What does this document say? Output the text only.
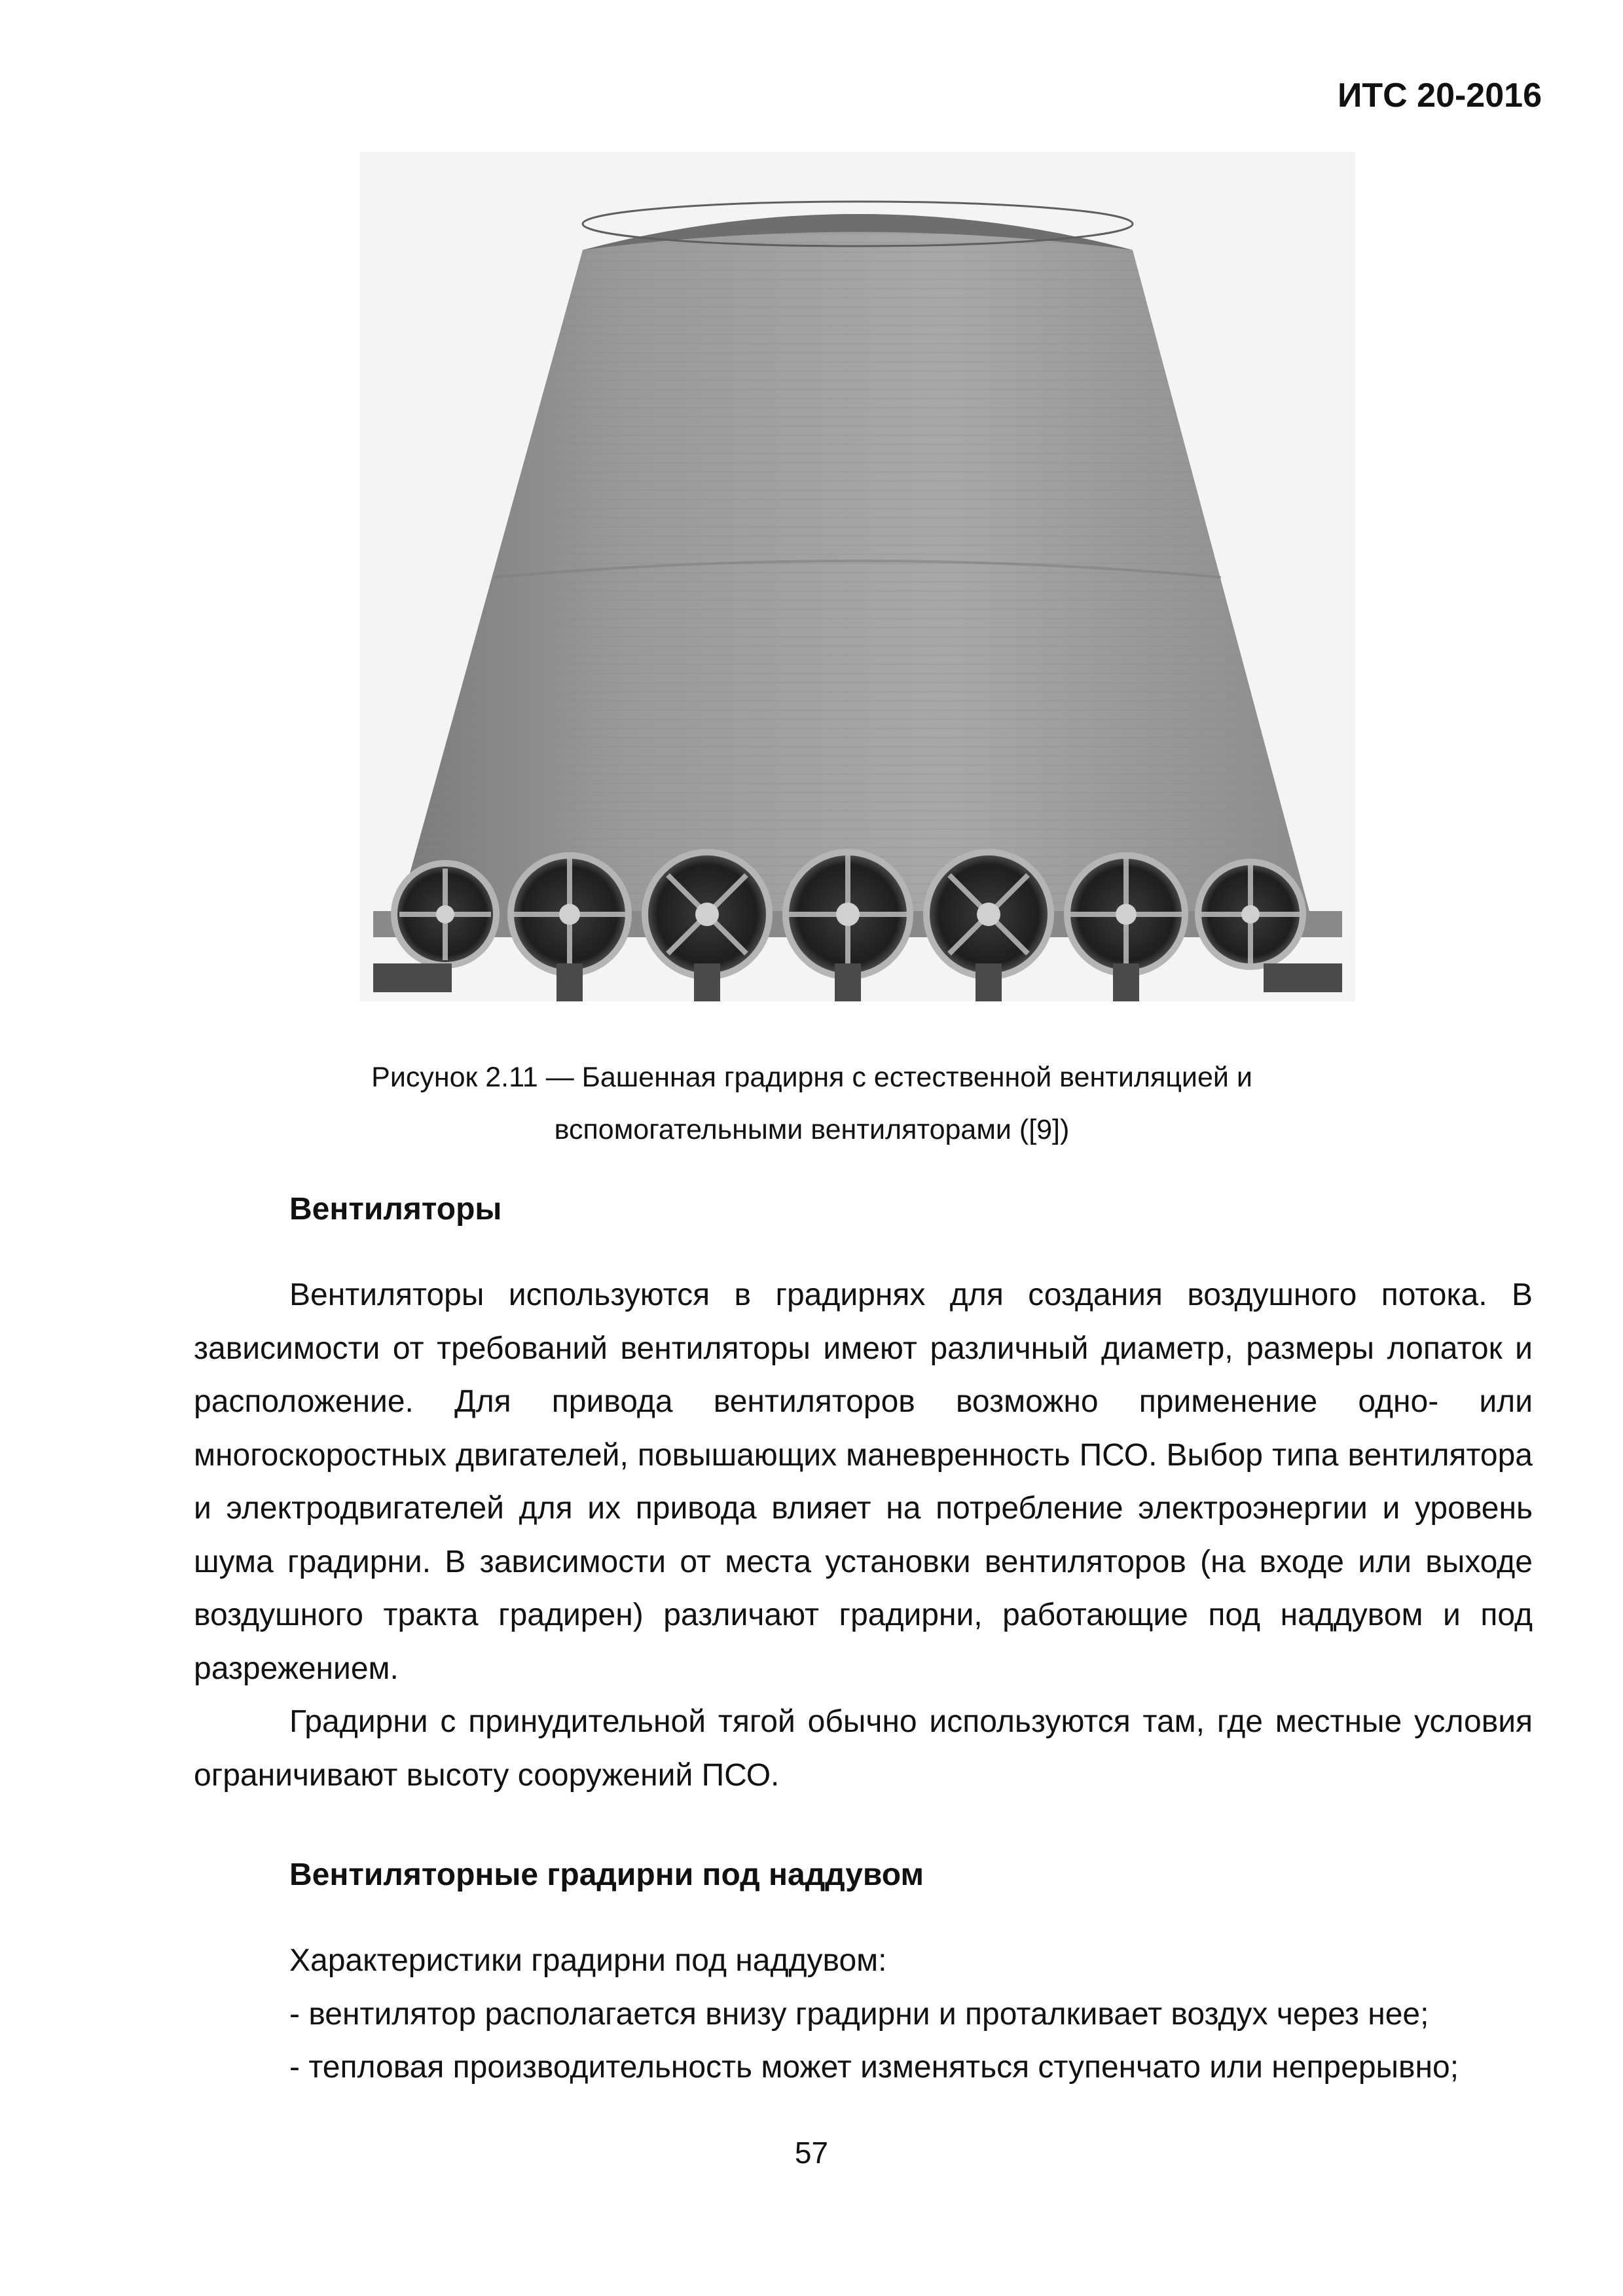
ИТС 20-2016
Рисунок 2.11 — Башенная градирня с естественной вентиляцией и
вспомогательными вентиляторами ([9])
Вентиляторы

Вентиляторы используются в градирнях для создания воздушного потока. В зависимости от требований вентиляторы имеют различный диаметр, размеры лопаток и расположение. Для привода вентиляторов возможно применение одно- или многоскоростных двигателей, повышающих маневренность ПСО. Выбор типа вентилятора и электродвигателей для их привода влияет на потребление электроэнергии и уровень шума градирни. В зависимости от места установки вентиляторов (на входе или выходе воздушного тракта градирен) различают градирни, работающие под наддувом и под разрежением.

Градирни с принудительной тягой обычно используются там, где местные условия ограничивают высоту сооружений ПСО.

Вентиляторные градирни под наддувом

Характеристики градирни под наддувом:

- вентилятор располагается внизу градирни и проталкивает воздух через нее;

- тепловая производительность может изменяться ступенчато или непрерывно;

57
